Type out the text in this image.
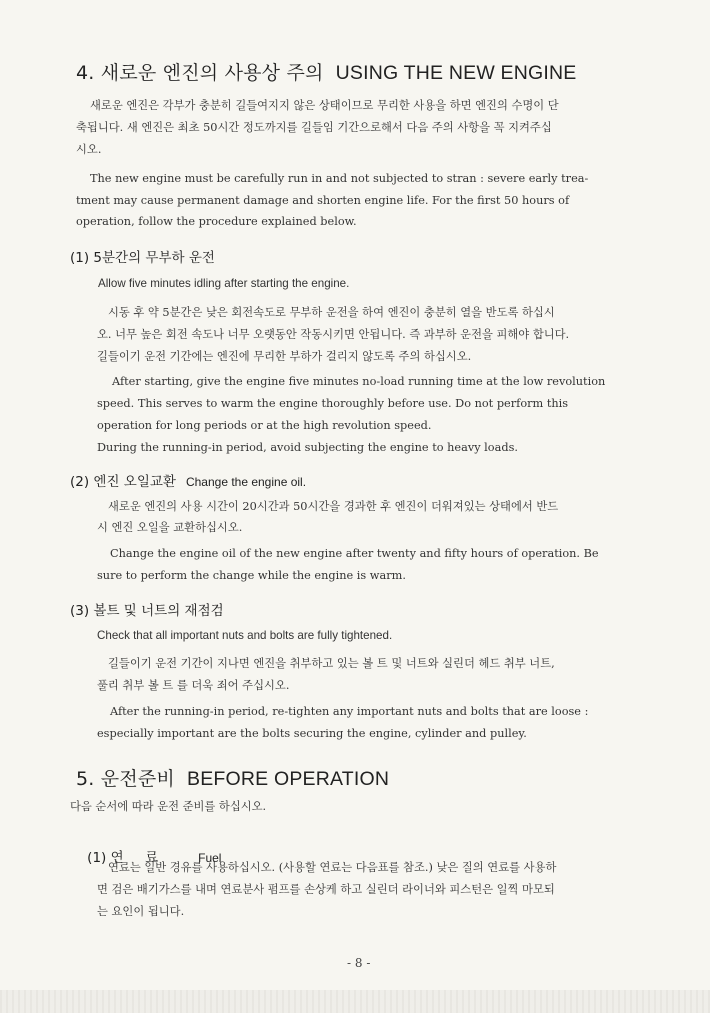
4. 새로운 엔진의 사용상 주의 USING THE NEW ENGINE
새로운 엔진은 각부가 충분히 길들여지지 않은 상태이므로 무리한 사용을 하면 엔진의 수명이 단
축됩니다. 새 엔진은 최초 50시간 정도까지를 길들임 기간으로해서 다음 주의 사항을 꼭 지켜주십
시오.
The new engine must be carefully run in and not subjected to stran : severe early trea-
tment may cause permanent damage and shorten engine life. For the first 50 hours of
operation, follow the procedure explained below.
(1) 5분간의 무부하 운전
Allow five minutes idling after starting the engine.
시동 후 약 5분간은 낮은 회전속도로 무부하 운전을 하여 엔진이 충분히 열을 반도록 하십시
오. 너무 높은 회전 속도나 너무 오랫동안 작동시키면 안됩니다. 즉 과부하 운전을 피해야 합니다.
길들이기 운전 기간에는 엔진에 무리한 부하가 걸리지 않도록 주의 하십시오.
After starting, give the engine five minutes no-load running time at the low revolution
speed. This serves to warm the engine thoroughly before use. Do not perform this
operation for long periods or at the high revolution speed.
During the running-in period, avoid subjecting the engine to heavy loads.
(2) 엔진 오일교환 Change the engine oil.
새로운 엔진의 사용 시간이 20시간과 50시간을 경과한 후 엔진이 더워져있는 상태에서 반드
시 엔진 오일을 교환하십시오.
Change the engine oil of the new engine after twenty and fifty hours of operation. Be
sure to perform the change while the engine is warm.
(3) 볼트 및 너트의 재점검
Check that all important nuts and bolts are fully tightened.
길들이기 운전 기간이 지나면 엔진을 취부하고 있는 볼 트 및 너트와 실린더 헤드 취부 너트,
풀리 취부 볼 트 를 더욱 죄어 주십시오.
After the running-in period, re-tighten any important nuts and bolts that are loose :
especially important are the bolts securing the engine, cylinder and pulley.
5. 운전준비 BEFORE OPERATION
다음 순서에 따라 운전 준비를 하십시오.

(1) 연     료	Fuel

연료는 일반 경유를 사용하십시오. (사용할 연료는 다음표를 참조.) 낮은 질의 연료를 사용하
면 검은 배기가스를 내며 연료분사 펌프를 손상케 하고 실린더 라이너와 피스턴은 일찍 마모되
는 요인이 됩니다.
- 8 -
